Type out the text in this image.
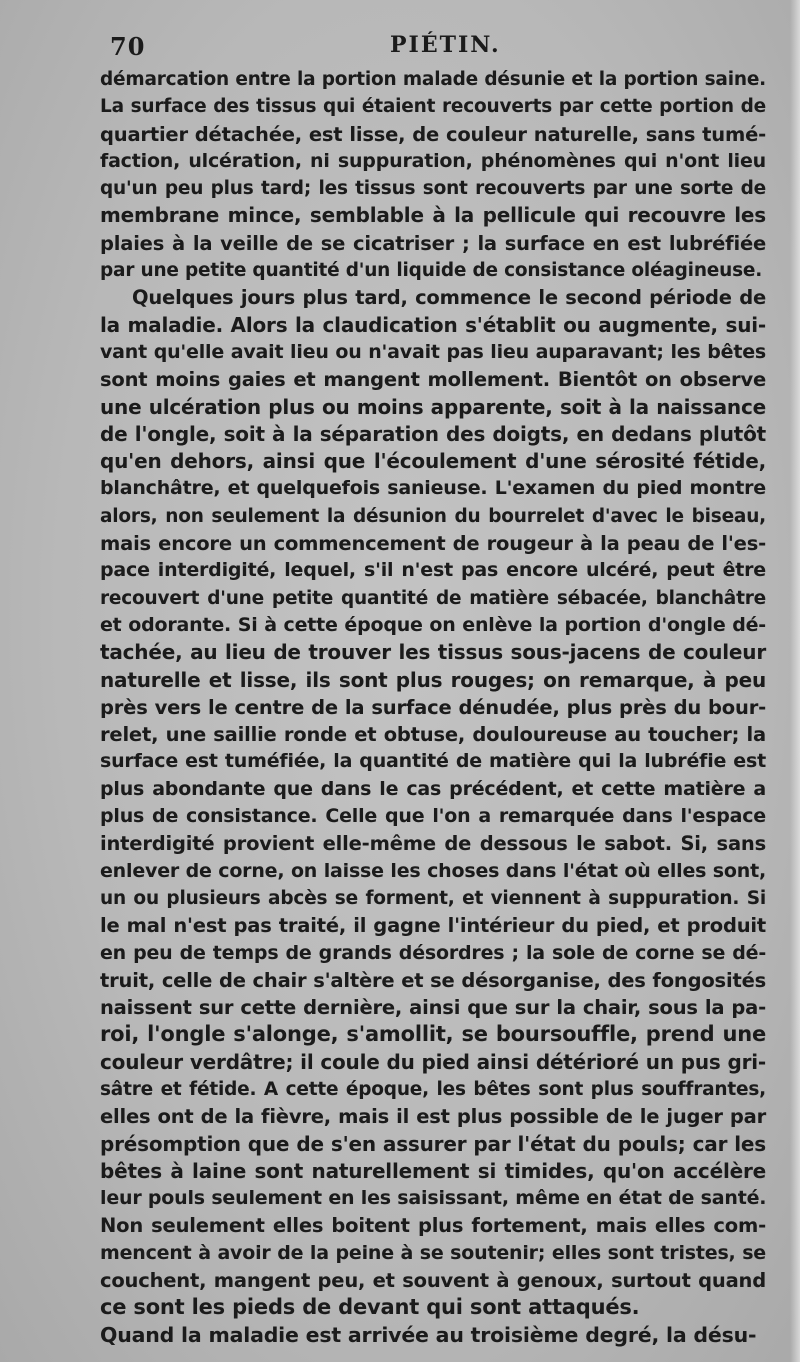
70	PIÉTIN.
démarcation entre la portion malade désunie et la portion saine.
La surface des tissus qui étaient recouverts par cette portion de
quartier détachée, est lisse, de couleur naturelle, sans tumé-
faction, ulcération, ni suppuration, phénomènes qui n'ont lieu
qu'un peu plus tard; les tissus sont recouverts par une sorte de
membrane mince, semblable à la pellicule qui recouvre les
plaies à la veille de se cicatriser ; la surface en est lubréfiée
par une petite quantité d'un liquide de consistance oléagineuse.
Quelques jours plus tard, commence le second période de
la maladie. Alors la claudication s'établit ou augmente, sui-
vant qu'elle avait lieu ou n'avait pas lieu auparavant; les bêtes
sont moins gaies et mangent mollement. Bientôt on observe
une ulcération plus ou moins apparente, soit à la naissance
de l'ongle, soit à la séparation des doigts, en dedans plutôt
qu'en dehors, ainsi que l'écoulement d'une sérosité fétide,
blanchâtre, et quelquefois sanieuse. L'examen du pied montre
alors, non seulement la désunion du bourrelet d'avec le biseau,
mais encore un commencement de rougeur à la peau de l'es-
pace interdigité, lequel, s'il n'est pas encore ulcéré, peut être
recouvert d'une petite quantité de matière sébacée, blanchâtre
et odorante. Si à cette époque on enlève la portion d'ongle dé-
tachée, au lieu de trouver les tissus sous-jacens de couleur
naturelle et lisse, ils sont plus rouges; on remarque, à peu
près vers le centre de la surface dénudée, plus près du bour-
relet, une saillie ronde et obtuse, douloureuse au toucher; la
surface est tuméfiée, la quantité de matière qui la lubréfie est
plus abondante que dans le cas précédent, et cette matière a
plus de consistance. Celle que l'on a remarquée dans l'espace
interdigité provient elle-même de dessous le sabot. Si, sans
enlever de corne, on laisse les choses dans l'état où elles sont,
un ou plusieurs abcès se forment, et viennent à suppuration. Si
le mal n'est pas traité, il gagne l'intérieur du pied, et produit
en peu de temps de grands désordres ; la sole de corne se dé-
truit, celle de chair s'altère et se désorganise, des fongosités
naissent sur cette dernière, ainsi que sur la chair, sous la pa-
roi, l'ongle s'alonge, s'amollit, se boursouffle, prend une
couleur verdâtre; il coule du pied ainsi détérioré un pus gri-
sâtre et fétide. A cette époque, les bêtes sont plus souffrantes,
elles ont de la fièvre, mais il est plus possible de le juger par
présomption que de s'en assurer par l'état du pouls; car les
bêtes à laine sont naturellement si timides, qu'on accélère
leur pouls seulement en les saisissant, même en état de santé.
Non seulement elles boitent plus fortement, mais elles com-
mencent à avoir de la peine à se soutenir; elles sont tristes, se
couchent, mangent peu, et souvent à genoux, surtout quand
ce sont les pieds de devant qui sont attaqués.
Quand la maladie est arrivée au troisième degré, la désu-
